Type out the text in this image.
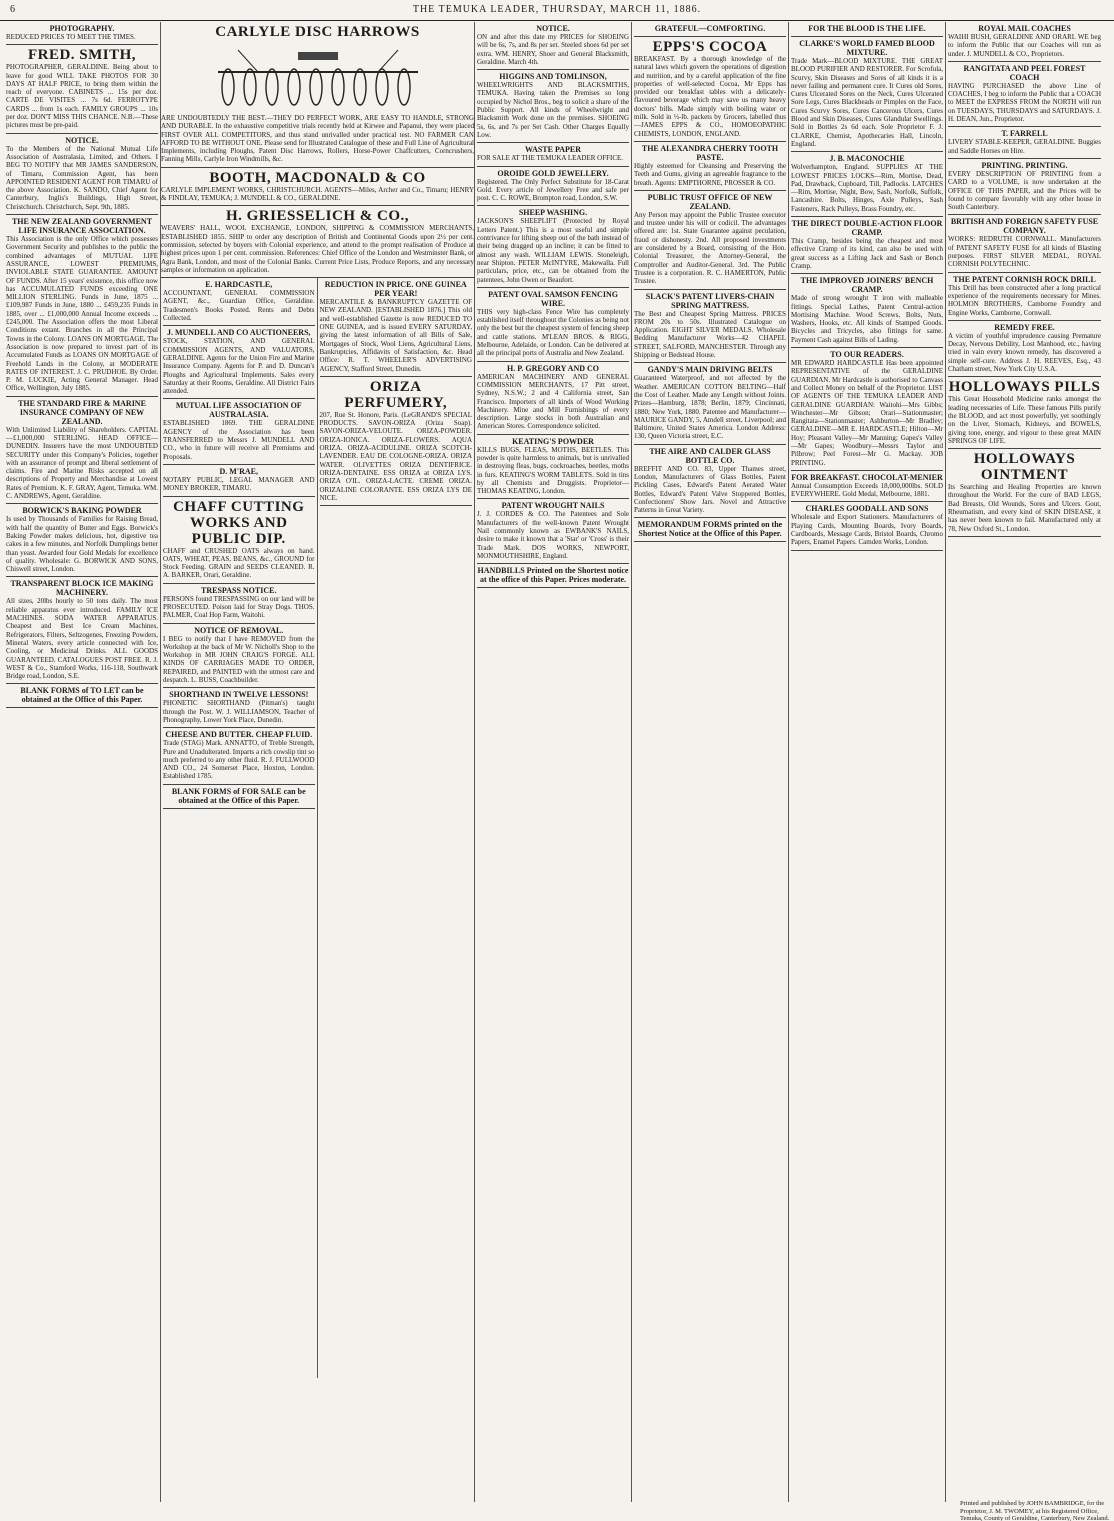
6	THE TEMUKA LEADER, THURSDAY, MARCH 11, 1886.
PHOTOGRAPHY.
REDUCED PRICES TO MEET THE TIMES.
FRED. SMITH,
PHOTOGRAPHER, GERALDINE. Being about to leave for good WILL TAKE PHOTOS FOR 30 DAYS AT HALF PRICE, to bring them within the reach of everyone. CABINETS ... 15s per doz. CARTE DE VISITES ... 7s 6d. FERROTYPE CARDS ... from 1s each. FAMILY GROUPS ... 10s per doz. DON'T MISS THIS CHANCE. N.B.—These pictures must be pre-paid.
NOTICE.
To the Members of the National Mutual Life Association of Australasia, Limited, and Others. I BEG TO NOTIFY that MR JAMES SANDERSON, of Timaru, Commission Agent, has been APPOINTED RESIDENT AGENT FOR TIMARU of the above Association. K. SANDO, Chief Agent for Canterbury, Inglis's Buildings, High Street, Christchurch. Christchurch, Sept. 9th, 1885.
THE NEW ZEALAND GOVERNMENT LIFE INSURANCE ASSOCIATION.
This Association is the only Office which possesses Government Security and publishes to the public the combined advantages of MUTUAL LIFE ASSURANCE, LOWEST PREMIUMS, INVIOLABLE STATE GUARANTEE. AMOUNT OF FUNDS. After 15 years' existence, this office now has ACCUMULATED FUNDS exceeding ONE MILLION STERLING. Funds in June, 1875 ... £109,987 Funds in June, 1880 ... £459,235 Funds in 1885, over ... £1,000,000 Annual Income exceeds ... £245,000. The Association offers the most Liberal Conditions extant. Branches in all the Principal Towns in the Colony. LOANS ON MORTGAGE. The Association is now prepared to invest part of its Accumulated Funds as LOANS ON MORTGAGE of Freehold Lands in the Colony, at MODERATE RATES OF INTEREST. J. C. PRUDHOE. By Order. P. M. LUCKIE, Acting General Manager. Head Office, Wellington, July 1885.
THE STANDARD FIRE & MARINE INSURANCE COMPANY OF NEW ZEALAND.
With Unlimited Liability of Shareholders. CAPITAL—£1,000,000 STERLING. HEAD OFFICE—DUNEDIN. Insurers have the most UNDOUBTED SECURITY under this Company's Policies, together with an assurance of prompt and liberal settlement of claims. Fire and Marine Risks accepted on all descriptions of Property and Merchandise at Lowest Rates of Premium. K. F. GRAY, Agent, Temuka. WM. C. ANDREWS, Agent, Geraldine.
BORWICK'S BAKING POWDER
Is used by Thousands of Families for Raising Bread, with half the quantity of Butter and Eggs. Borwick's Baking Powder makes delicious, hot, digestive tea cakes in a few minutes, and Norfolk Dumplings better than yeast. Awarded four Gold Medals for excellence of quality. Wholesale: G. BORWICK AND SONS, Chiswell street, London.
TRANSPARENT BLOCK ICE MAKING MACHINERY.
All sizes, 20lbs hourly to 50 tons daily. The most reliable apparatus ever introduced. FAMILY ICE MACHINES. SODA WATER APPARATUS. Cheapest and Best Ice Cream Machines, Refrigerators, Filters, Seltzogenes, Freezing Powders, Mineral Waters, every article connected with Ice, Cooling, or Medicinal Drinks. ALL GOODS GUARANTEED. CATALOGUES POST FREE. R. J. WEST & Co., Stamford Works, 116-118, Southwark Bridge road, London, S.E.
BLANK FORMS of TO LET can be obtained at the Office of this Paper.
CARLYLE DISC HARROWS
ARE UNDOUBTEDLY THE BEST.—THEY DO PERFECT WORK, ARE EASY TO HANDLE, STRONG AND DURABLE. In the exhaustive competitive trials recently held at Kirwee and Papanui, they were placed FIRST OVER ALL COMPETITORS, and thus stand unrivalled under practical test. NO FARMER CAN AFFORD TO BE WITHOUT ONE. Please send for Illustrated Catalogue of these and Full Line of Agricultural Implements, including Ploughs, Patent Disc Harrows, Rollers, Horse-Power Chaffcutters, Corncrushers, Fanning Mills, Carlyle Iron Windmills, &c.
BOOTH, MACDONALD & CO
CARLYLE IMPLEMENT WORKS, CHRISTCHURCH. AGENTS—Miles, Archer and Co., Timaru; HENRY & FINDLAY, TEMUKA; J. MUNDELL & CO., GERALDINE.
H. GRIESSELICH & CO.,
WEAVERS' HALL, WOOL EXCHANGE, LONDON, SHIPPING & COMMISSION MERCHANTS, ESTABLISHED 1855. SHIP to order any description of British and Continental Goods upon 2½ per cent. commission, selected by buyers with Colonial experience, and attend to the prompt realisation of Produce at highest prices upon 1 per cent. commission. References: Chief Office of the London and Westminster Bank, or Agra Bank, London, and most of the Colonial Banks. Current Price Lists, Produce Reports, and any necessary samples or information on application.
E. HARDCASTLE,
ACCOUNTANT, GENERAL COMMISSION AGENT, &c., Guardian Office, Geraldine. Tradesmen's Books Posted. Rents and Debts Collected.
J. MUNDELL AND CO AUCTIONEERS,
STOCK, STATION, AND GENERAL COMMISSION AGENTS, AND VALUATORS, GERALDINE. Agents for the Union Fire and Marine Insurance Company. Agents for P. and D. Duncan's Ploughs and Agricultural Implements. Sales every Saturday at their Rooms, Geraldine. All District Fairs attended.
MUTUAL LIFE ASSOCIATION OF AUSTRALASIA.
ESTABLISHED 1869. THE GERALDINE AGENCY of the Association has been TRANSFERRED to Messrs J. MUNDELL AND CO., who in future will receive all Premiums and Proposals.
D. M'RAE,
NOTARY PUBLIC, LEGAL MANAGER AND MONEY BROKER, TIMARU.
CHAFF CUTTING WORKS AND PUBLIC DIP.
CHAFF and CRUSHED OATS always on hand. OATS, WHEAT, PEAS, BEANS, &c., GROUND for Stock Feeding. GRAIN and SEEDS CLEANED. R. A. BARKER, Orari, Geraldine.
TRESPASS NOTICE.
PERSONS found TRESPASSING on our land will be PROSECUTED. Poison laid for Stray Dogs. THOS. PALMER, Coal Hop Farm, Waitohi.
NOTICE OF REMOVAL.
I BEG to notify that I have REMOVED from the Workshop at the back of Mr W. Nicholl's Shop to the Workshop in MR JOHN CRAIG'S FORGE. ALL KINDS OF CARRIAGES MADE TO ORDER, REPAIRED, and PAINTED with the utmost care and despatch. L. BUSS, Coachbuilder.
SHORTHAND IN TWELVE LESSONS!
PHONETIC SHORTHAND (Pitman's) taught through the Post. W. J. WILLIAMSON, Teacher of Phonography, Lower York Place, Dunedin.
CHEESE AND BUTTER. CHEAP FLUID.
Trade (STAG) Mark. ANNATTO, of Treble Strength, Pure and Unadulterated. Imparts a rich cowslip tint so much preferred to any other fluid. R. J. FULLWOOD AND CO., 24 Somerset Place, Hoxton, London. Established 1785.
BLANK FORMS of FOR SALE can be obtained at the Office of this Paper.
REDUCTION IN PRICE. ONE GUINEA PER YEAR!
MERCANTILE & BANKRUPTCY GAZETTE OF NEW ZEALAND. [ESTABLISHED 1876.] This old and well-established Gazette is now REDUCED TO ONE GUINEA, and is issued EVERY SATURDAY, giving the latest information of all Bills of Sale, Mortgages of Stock, Wool Liens, Agricultural Liens, Bankruptcies, Affidavits of Satisfaction, &c. Head Office: R. T. WHEELER'S ADVERTISING AGENCY, Stafford Street, Dunedin.
ORIZA PERFUMERY,
207, Rue St. Honore, Paris. (LeGRAND'S SPECIAL PRODUCTS. SAVON-ORIZA (Oriza Soap). SAVON-ORIZA-VELOUTE. ORIZA-POWDER. ORIZA-IONICA. ORIZA-FLOWERS. AQUA ORIZA. ORIZA-ACIDULINE. ORIZA SCOTCH-LAVENDER. EAU DE COLOGNE-ORIZA. ORIZA WATER. OLIVETTES ORIZA DENTIFRICE. ORIZA-DENTAINE. ESS ORIZA at ORIZA LYS. ORIZA O'IL. ORIZA-LACTE. CREME ORIZA. ORIZALINE COLORANTE. ESS ORIZA LYS DE NICE.
NOTICE.
ON and after this date my PRICES for SHOEING will be 6s, 7s, and 8s per set. Steeled shoes 6d per set extra. WM. HENRY, Shoer and General Blacksmith, Geraldine. March 4th.
HIGGINS AND TOMLINSON,
WHEELWRIGHTS AND BLACKSMITHS, TEMUKA. Having taken the Premises so long occupied by Nichol Bros., beg to solicit a share of the Public Support. All kinds of Wheelwright and Blacksmith Work done on the premises. SHOEING 5s, 6s, and 7s per Set Cash. Other Charges Equally Low.
WASTE PAPER
FOR SALE AT THE TEMUKA LEADER OFFICE.
OROIDE GOLD JEWELLERY.
Registered. The Only Perfect Substitute for 18-Carat Gold. Every article of Jewellery Free and safe per post. C. C. ROWE, Brompton road, London, S.W.
SHEEP WASHING.
JACKSON'S SHEEPLIFT (Protected by Royal Letters Patent.) This is a most useful and simple contrivance for lifting sheep out of the bath instead of their being dragged up an incline; it can be fitted to almost any wash. WILLIAM LEWIS. Stoneleigh, near Shipton. PETER McINTYRE, Makewalla. Full particulars, price, etc., can be obtained from the patentees, John Owen or Beaufort.
PATENT OVAL SAMSON FENCING WIRE.
THIS very high-class Fence Wire has completely established itself throughout the Colonies as being not only the best but the cheapest system of fencing sheep and cattle stations. M'LEAN BROS. & RIGG, Melbourne, Adelaide, or London. Can be delivered at all the principal ports of Australia and New Zealand.
H. P. GREGORY AND CO
AMERICAN MACHINERY AND GENERAL COMMISSION MERCHANTS, 17 Pitt street, Sydney, N.S.W.; 2 and 4 California street, San Francisco. Importers of all kinds of Wood Working Machinery. Mine and Mill Furnishings of every description. Large stocks in both Australian and American Stores. Correspondence solicited.
KEATING'S POWDER
KILLS BUGS, FLEAS, MOTHS, BEETLES. This powder is quite harmless to animals, but is unrivalled in destroying fleas, bugs, cockroaches, beetles, moths in furs. KEATING'S WORM TABLETS. Sold in tins by all Chemists and Druggists. Proprietor—THOMAS KEATING, London.
PATENT WROUGHT NAILS
J. J. CORDES & CO. The Patentees and Sole Manufacturers of the well-known Patent Wrought Nail commonly known as EWBANK'S NAILS, desire to make it known that a 'Star' or 'Cross' is their Trade Mark. DOS WORKS, NEWPORT, MONMOUTHSHIRE, England.
HANDBILLS Printed on the Shortest notice at the office of this Paper. Prices moderate.
GRATEFUL—COMFORTING.
EPPS'S COCOA
BREAKFAST. By a thorough knowledge of the natural laws which govern the operations of digestion and nutrition, and by a careful application of the fine properties of well-selected Cocoa, Mr Epps has provided our breakfast tables with a delicately-flavoured beverage which may save us many heavy doctors' bills. Made simply with boiling water or milk. Sold in ½-lb. packets by Grocers, labelled thus—JAMES EPPS & CO., HOMOEOPATHIC CHEMISTS, LONDON, ENGLAND.
THE ALEXANDRA CHERRY TOOTH PASTE.
Highly esteemed for Cleansing and Preserving the Teeth and Gums, giving an agreeable fragrance to the breath. Agents: EMPTHORNE, PROSSER & CO.
PUBLIC TRUST OFFICE OF NEW ZEALAND.
Any Person may appoint the Public Trustee executor and trustee under his will or codicil. The advantages offered are: 1st. State Guarantee against peculation, fraud or dishonesty. 2nd. All proposed investments are considered by a Board, consisting of the Hon. Colonial Treasurer, the Attorney-General, the Comptroller and Auditor-General. 3rd. The Public Trustee is a corporation. R. C. HAMERTON, Public Trustee.
SLACK'S PATENT LIVERS-CHAIN SPRING MATTRESS.
The Best and Cheapest Spring Mattress. PRICES FROM 20s to 50s. Illustrated Catalogue on Application. EIGHT SILVER MEDALS. Wholesale Bedding Manufacturer Works—42 CHAPEL STREET, SALFORD, MANCHESTER. Through any Shipping or Bedstead House.
GANDY'S MAIN DRIVING BELTS
Guaranteed Waterproof, and not affected by the Weather. AMERICAN COTTON BELTING—Half the Cost of Leather. Made any Length without Joints. Prizes—Hamburg, 1878; Berlin, 1879; Cincinnati, 1880; New York, 1880. Patentee and Manufacturer—MAURICE GANDY, 5, Amdell street, Liverpool; and Baltimore, United States America. London Address: 130, Queen Victoria street, E.C.
THE AIRE AND CALDER GLASS BOTTLE CO.
BREFFIT AND CO. 83, Upper Thames street, London, Manufacturers of Glass Bottles, Patent Pickling Cases, Edward's Patent Aerated Water Bottles, Edward's Patent Valve Stoppered Bottles, Confectioners' Show Jars. Novel and Attractive Patterns in Great Variety.
MEMORANDUM FORMS printed on the Shortest Notice at the Office of this Paper.
FOR THE BLOOD IS THE LIFE.
CLARKE'S WORLD FAMED BLOOD MIXTURE.
Trade Mark—BLOOD MIXTURE. THE GREAT BLOOD PURIFIER AND RESTORER. For Scrofula, Scurvy, Skin Diseases and Sores of all kinds it is a never failing and permanent cure. It Cures old Sores, Cures Ulcerated Sores on the Neck, Cures Ulcerated Sore Legs, Cures Blackheads or Pimples on the Face, Cures Scurvy Sores, Cures Cancerous Ulcers, Cures Blood and Skin Diseases, Cures Glandular Swellings. Sold in Bottles 2s 6d each. Sole Proprietor F. J. CLARKE, Chemist, Apothecaries Hall, Lincoln, England.
J. B. MACONOCHIE
Wolverhampton, England. SUPPLIES AT THE LOWEST PRICES LOCKS—Rim, Mortise, Dead, Pad, Drawback, Cupboard, Till, Padlocks. LATCHES—Rim, Mortise, Night, Bow, Sash, Norfolk, Suffolk, Lancashire. Bolts, Hinges, Axle Pulleys, Sash Fasteners, Rack Pulleys, Brass Foundry, etc.
THE DIRECT DOUBLE-ACTION FLOOR CRAMP.
This Cramp, besides being the cheapest and most effective Cramp of its kind, can also be used with great success as a Lifting Jack and Sash or Bench Cramp.
THE IMPROVED JOINERS' BENCH CRAMP.
Made of strong wrought T iron with malleable fittings. Special Lathes, Patent Central-action Mortising Machine. Wood Screws, Bolts, Nuts, Washers, Hooks, etc. All kinds of Stamped Goods. Bicycles and Tricycles, also fittings for same. Payment Cash against Bills of Lading.
TO OUR READERS.
MR EDWARD HARDCASTLE Has been appointed REPRESENTATIVE of the GERALDINE GUARDIAN. Mr Hardcastle is authorised to Canvass and Collect Money on behalf of the Proprietor. LIST OF AGENTS OF THE TEMUKA LEADER AND GERALDINE GUARDIAN: Waitohi—Mrs Gibbs; Winchester—Mr Gibson; Orari—Stationmaster; Rangitata—Stationmaster; Ashburton—Mr Bradley; GERALDINE—MR E. HARDCASTLE; Hilton—Mr Hoy; Pleasant Valley—Mr Manning; Gapes's Valley—Mr Gapes; Woodbury—Messrs Taylor and Pilbrow; Peel Forest—Mr G. Mackay. JOB PRINTING.
FOR BREAKFAST. CHOCOLAT-MENIER
Annual Consumption Exceeds 18,000,000lbs. SOLD EVERYWHERE. Gold Medal, Melbourne, 1881.
CHARLES GOODALL AND SONS
Wholesale and Export Stationers. Manufacturers of Playing Cards, Mounting Boards, Ivory Boards, Cardboards, Message Cards, Bristol Boards, Chromo Papers, Enamel Papers. Camden Works, London.
ROYAL MAIL COACHES
WAIHI BUSH, GERALDINE AND ORARI. WE beg to inform the Public that our Coaches will run as under. J. MUNDELL & CO., Proprietors.
RANGITATA AND PEEL FOREST COACH
HAVING PURCHASED the above Line of COACHES, I beg to inform the Public that a COACH to MEET the EXPRESS FROM the NORTH will run on TUESDAYS, THURSDAYS and SATURDAYS. J. H. DEAN, Jun., Proprietor.
T. FARRELL
LIVERY STABLE-KEEPER, GERALDINE. Buggies and Saddle Horses on Hire.
PRINTING. PRINTING.
EVERY DESCRIPTION OF PRINTING from a CARD to a VOLUME, is now undertaken at the OFFICE OF THIS PAPER, and the Prices will be found to compare favorably with any other house in South Canterbury.
BRITISH AND FOREIGN SAFETY FUSE COMPANY.
WORKS: REDRUTH CORNWALL. Manufacturers of PATENT SAFETY FUSE for all kinds of Blasting purposes. FIRST SILVER MEDAL, ROYAL CORNISH POLYTECHNIC.
THE PATENT CORNISH ROCK DRILL
This Drill has been constructed after a long practical experience of the requirements necessary for Mines. HOLMON BROTHERS, Camborne Foundry and Engine Works, Camborne, Cornwall.
REMEDY FREE.
A victim of youthful imprudence causing Premature Decay, Nervous Debility, Lost Manhood, etc., having tried in vain every known remedy, has discovered a simple self-cure. Address J. H. REEVES, Esq., 43 Chatham street, New York City U.S.A.
HOLLOWAYS PILLS
This Great Household Medicine ranks amongst the leading necessaries of Life. These famous Pills purify the BLOOD, and act most powerfully, yet soothingly on the Liver, Stomach, Kidneys, and BOWELS, giving tone, energy, and vigour to these great MAIN SPRINGS OF LIFE.
HOLLOWAYS OINTMENT
Its Searching and Healing Properties are known throughout the World. For the cure of BAD LEGS, Bad Breasts, Old Wounds, Sores and Ulcers. Gout, Rheumatism, and every kind of SKIN DISEASE, it has never been known to fail. Manufactured only at 78, New Oxford St., London.
Printed and published by JOHN BAMBRIDGE, for the Proprietor, J. M. TWOMEY, at his Registered Office, Temuka, County of Geraldine, Canterbury, New Zealand.
